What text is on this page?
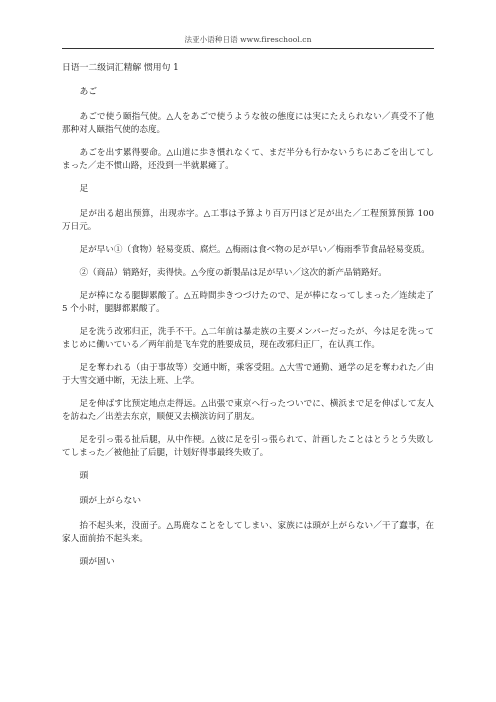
法亚小语种日语 www.fireschool.cn
日语一二级词汇精解 惯用句 1
あご
あごで使う颐指气使。△人をあごで使うような彼の態度には実にたえられない／真受不了他那种对人颐指气使的态度。
あごを出す累得要命。△山道に歩き慣れなくて、まだ半分も行かないうちにあごを出してしまった／走不惯山路，还没到一半就累瘫了。
足
足が出る超出预算，出现赤字。△工事は予算より百万円ほど足が出た／工程预算预算 100 万日元。
足が早い①（食物）轻易变质、腐烂。△梅雨は食べ物の足が早い／梅雨季节食品轻易变质。
②（商品）销路好，卖得快。△今度の新製品は足が早い／这次的新产品销路好。
足が棒になる腿脚累酸了。△五時間歩きつづけたので、足が棒になってしまった／连续走了 5 个小时，腿脚都累酸了。
足を洗う改邪归正，洗手不干。△二年前は暴走族の主要メンバーだったが、今は足を洗ってまじめに働いている／两年前是飞车党的胜要成员，现在改邪归正厂，在认真工作。
足を奪われる（由于事故等）交通中断，乘客受阻。△大雪で通勤、通学の足を奪われた／由于大雪交通中断，无法上班、上学。
足を伸ばす比预定地点走得远。△出張で東京へ行ったついでに、横浜まで足を伸ばして友人を訪ねた／出差去东京，顺便又去横滨访问了朋友。
足を引っ張る扯后腿，从中作梗。△彼に足を引っ張られて、計画したことはとうとう失敗してしまった／被他扯了后腿，计划好得事最终失败了。
頭
頭が上がらない
抬不起头来，没面子。△馬鹿なことをしてしまい、家族には頭が上がらない／干了蠢事，在家人面前抬不起头来。
頭が固い
